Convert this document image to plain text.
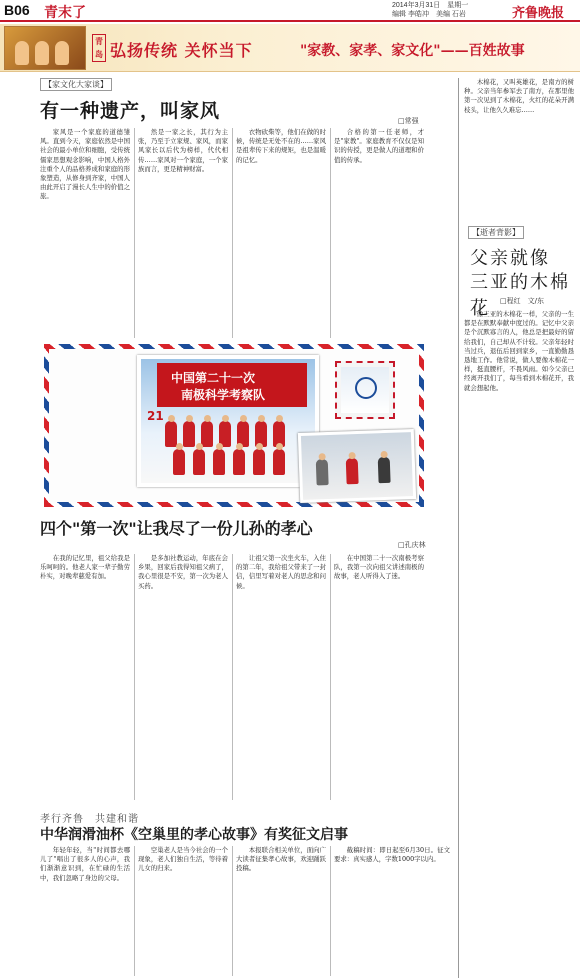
B06 青末了	2014年3月31日　星期一
编辑 李皓冲　美编 石岩	齐鲁晚报
青岛 弘扬传统 关怀当下	"家教、家孝、家文化"——百姓故事
【家文化大家谈】
有一种遗产，叫家风	□常强

家风是一个家庭的道德雏风。直到今天，家庭依然是中国社会的最小单位和细胞，受传统儒家思想观念影响，中国人格外注重个人的品格养成和家庭的形象塑造，从修身到齐家，中国人由此开启了漫长人生中的价值之旅。

然是一家之长，其行为主张，乃至于立家规、家风，而家风家长以后代为榜样，代代相传……家风对一个家庭，一个家族而言，更是精神财富。

衣物砍柴等，他们在做的时候，传统是无处不在的……家风是祖辈传下来的规矩，也是温暖的记忆。

合格的第一任老师，才是"家教"。家庭教育不仅仅是知识的传授，更是做人的道理和价值的传承。

中国第二十一次
南极科学考察队
21
四个"第一次"让我尽了一份儿孙的孝心
□孔庆林

在我的记忆里，祖父给我是乐呵呵的。他老人家一辈子勤劳朴实，对晚辈慈爱有加。

是多加社教运动，年底在会乡果，回家后我得知祖父病了，我心里很是不安，第一次为老人买药。

让祖父第一次坐火车，入住的第二年，我给祖父带来了一封信，信里写着对老人的思念和问候。

在中国第二十一次南极考察队，我第一次向祖父讲述南极的故事，老人听得入了迷。

孝行齐鲁　共建和谐
中华润滑油杯《空巢里的孝心故事》有奖征文启事

年轻年轻，当"时间都去哪儿了"唱出了很多人的心声，我们渐渐意识到，在忙碌的生活中，我们忽略了身边的父母。

空巢老人是当今社会的一个现象，老人们独自生活，等待着儿女的归来。

本报联合相关单位，面向广大读者征集孝心故事，欢迎踊跃投稿。

截稿时间：即日起至6月30日。征文要求：真实感人，字数1000字以内。

木棉花，又叫英雄花，是南方的树种。父亲当年参军去了南方，在那里他第一次见到了木棉花，火红的花朵开满枝头，让他久久难忘……

【逝者背影】
父亲就像
三亚的木棉花	□程红　文/东

像三亚的木棉花一样，父亲的一生都是在默默奉献中度过的。记忆中父亲是个沉默寡言的人，他总是把最好的留给我们，自己却从不计较。父亲年轻时当过兵，退伍后回到家乡，一直勤勤恳恳地工作。他常说，做人要像木棉花一样，挺直腰杆，不畏风雨。如今父亲已经离开我们了，每当看到木棉花开，我就会想起他。
